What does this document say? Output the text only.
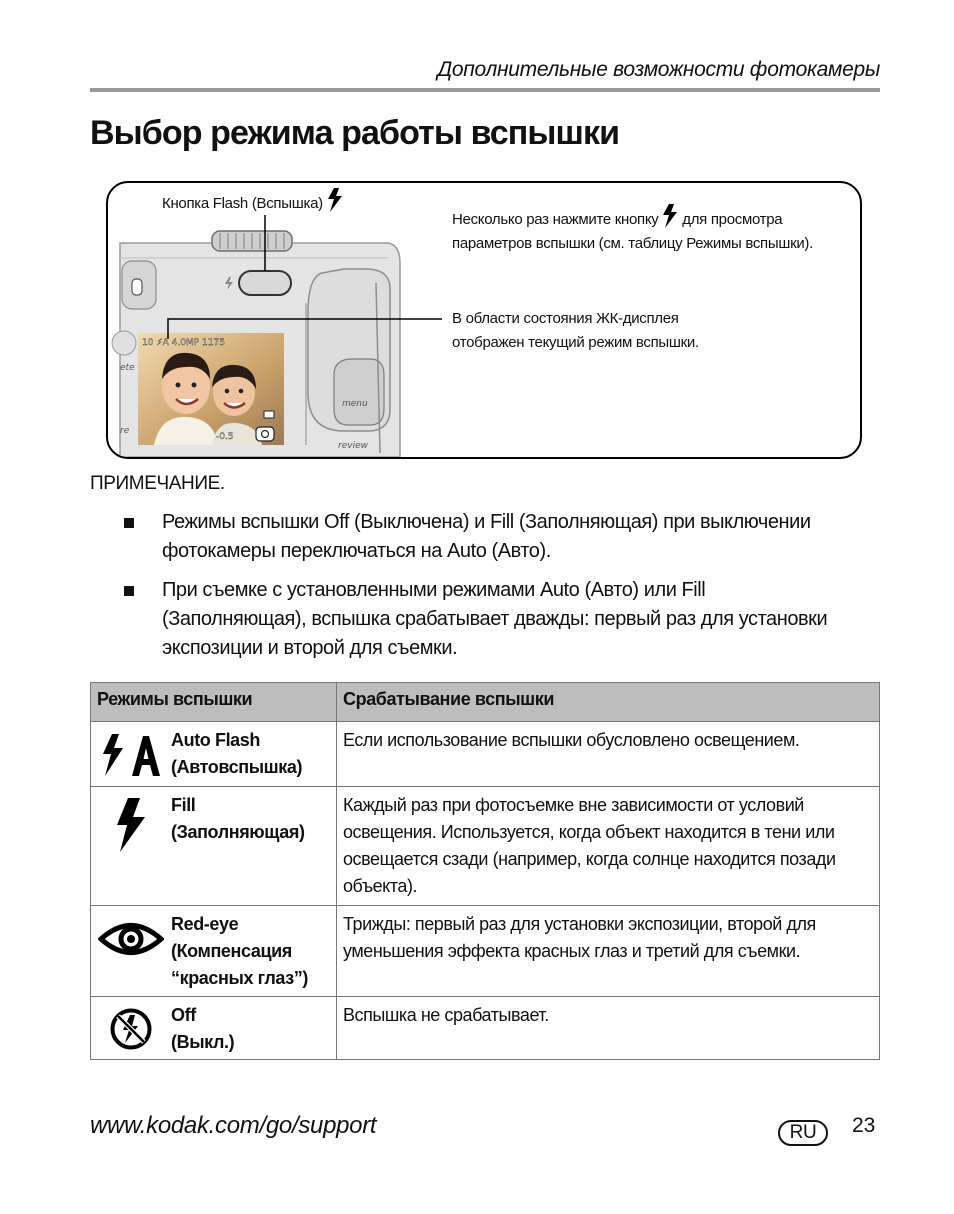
Дополнительные возможности фотокамеры
Выбор режима работы вспышки
10 ⚡A 4.0MP 1175
-0.5
menu
review
ete
re
Кнопка Flash (Вспышка)
Несколько раз нажмите кнопку для просмотра
параметров вспышки (см. таблицу Режимы вспышки).
В области состояния ЖК-дисплея
отображен текущий режим вспышки.
ПРИМЕЧАНИЕ.
Режимы вспышки Off (Выключена) и Fill (Заполняющая) при выключении
фотокамеры переключаться на Auto (Авто).
При съемке с установленными режимами Auto (Авто) или Fill
(Заполняющая), вспышка срабатывает дважды: первый раз для установки
экспозиции и второй для съемки.
Режимы вспышки	Срабатывание вспышки

Auto Flash
(Автовспышка)	Если использование вспышки обусловлено освещением.

Fill
(Заполняющая)	Каждый раз при фотосъемке вне зависимости от условий освещения. Используется, когда объект находится в тени или освещается сзади (например, когда солнце находится позади объекта).

Red-eye
(Компенсация
“красных глаз”)	Трижды: первый раз для установки экспозиции, второй для уменьшения эффекта красных глаз и третий для съемки.

Off
(Выкл.)	Вспышка не срабатывает.
www.kodak.com/go/support	RU	23
